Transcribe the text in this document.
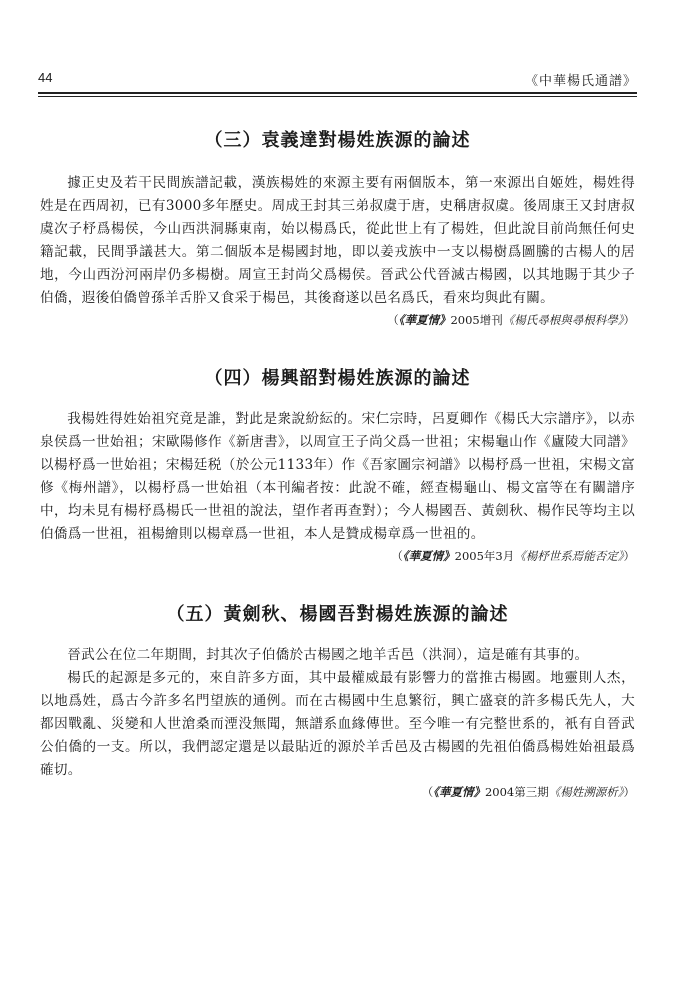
44	《中華楊氏通譜》
（三）袁義達對楊姓族源的論述

據正史及若干民間族譜記載，漢族楊姓的來源主要有兩個版本，第一來源出自姬姓，楊姓得姓是在西周初，已有3000多年歷史。周成王封其三弟叔虞于唐，史稱唐叔虞。後周康王又封唐叔虞次子杼爲楊侯，今山西洪洞縣東南，始以楊爲氏，從此世上有了楊姓，但此說目前尚無任何史籍記載，民間爭議甚大。第二個版本是楊國封地，即以姜戎族中一支以楊樹爲圖騰的古楊人的居地，今山西汾河兩岸仍多楊樹。周宣王封尚父爲楊侯。晉武公代晉滅古楊國，以其地賜于其少子伯僑，遐後伯僑曾孫羊舌肸又食采于楊邑，其後裔遂以邑名爲氏，看來均與此有關。

（《華夏情》2005增刊《楊氏尋根與尋根科學》）

（四）楊興韶對楊姓族源的論述

我楊姓得姓始祖究竟是誰，對此是衆說紛紜的。宋仁宗時，呂夏卿作《楊氏大宗譜序》，以赤泉侯爲一世始祖；宋歐陽修作《新唐書》，以周宣王子尚父爲一世祖；宋楊龜山作《廬陵大同譜》以楊杼爲一世始祖；宋楊廷税（於公元1133年）作《吾家圖宗祠譜》以楊杼爲一世祖，宋楊文富修《梅州譜》，以楊杼爲一世始祖（本刊編者按：此說不確，經查楊龜山、楊文富等在有關譜序中，均未見有楊杼爲楊氏一世祖的說法，望作者再查對）；今人楊國吾、黃劍秋、楊作民等均主以伯僑爲一世祖，祖楊繪則以楊章爲一世祖，本人是贊成楊章爲一世祖的。

（《華夏情》2005年3月《楊杼世系焉能否定》）

（五）黃劍秋、楊國吾對楊姓族源的論述

晉武公在位二年期間，封其次子伯僑於古楊國之地羊舌邑（洪洞），這是確有其事的。

楊氏的起源是多元的，來自許多方面，其中最權威最有影響力的當推古楊國。地靈則人杰，以地爲姓，爲古今許多名門望族的通例。而在古楊國中生息繁衍，興亡盛衰的許多楊氏先人，大都因戰亂、災變和人世滄桑而湮没無聞，無譜系血緣傳世。至今唯一有完整世系的，衹有自晉武公伯僑的一支。所以，我們認定還是以最貼近的源於羊舌邑及古楊國的先祖伯僑爲楊姓始祖最爲確切。

（《華夏情》2004第三期《楊姓溯源析》）
